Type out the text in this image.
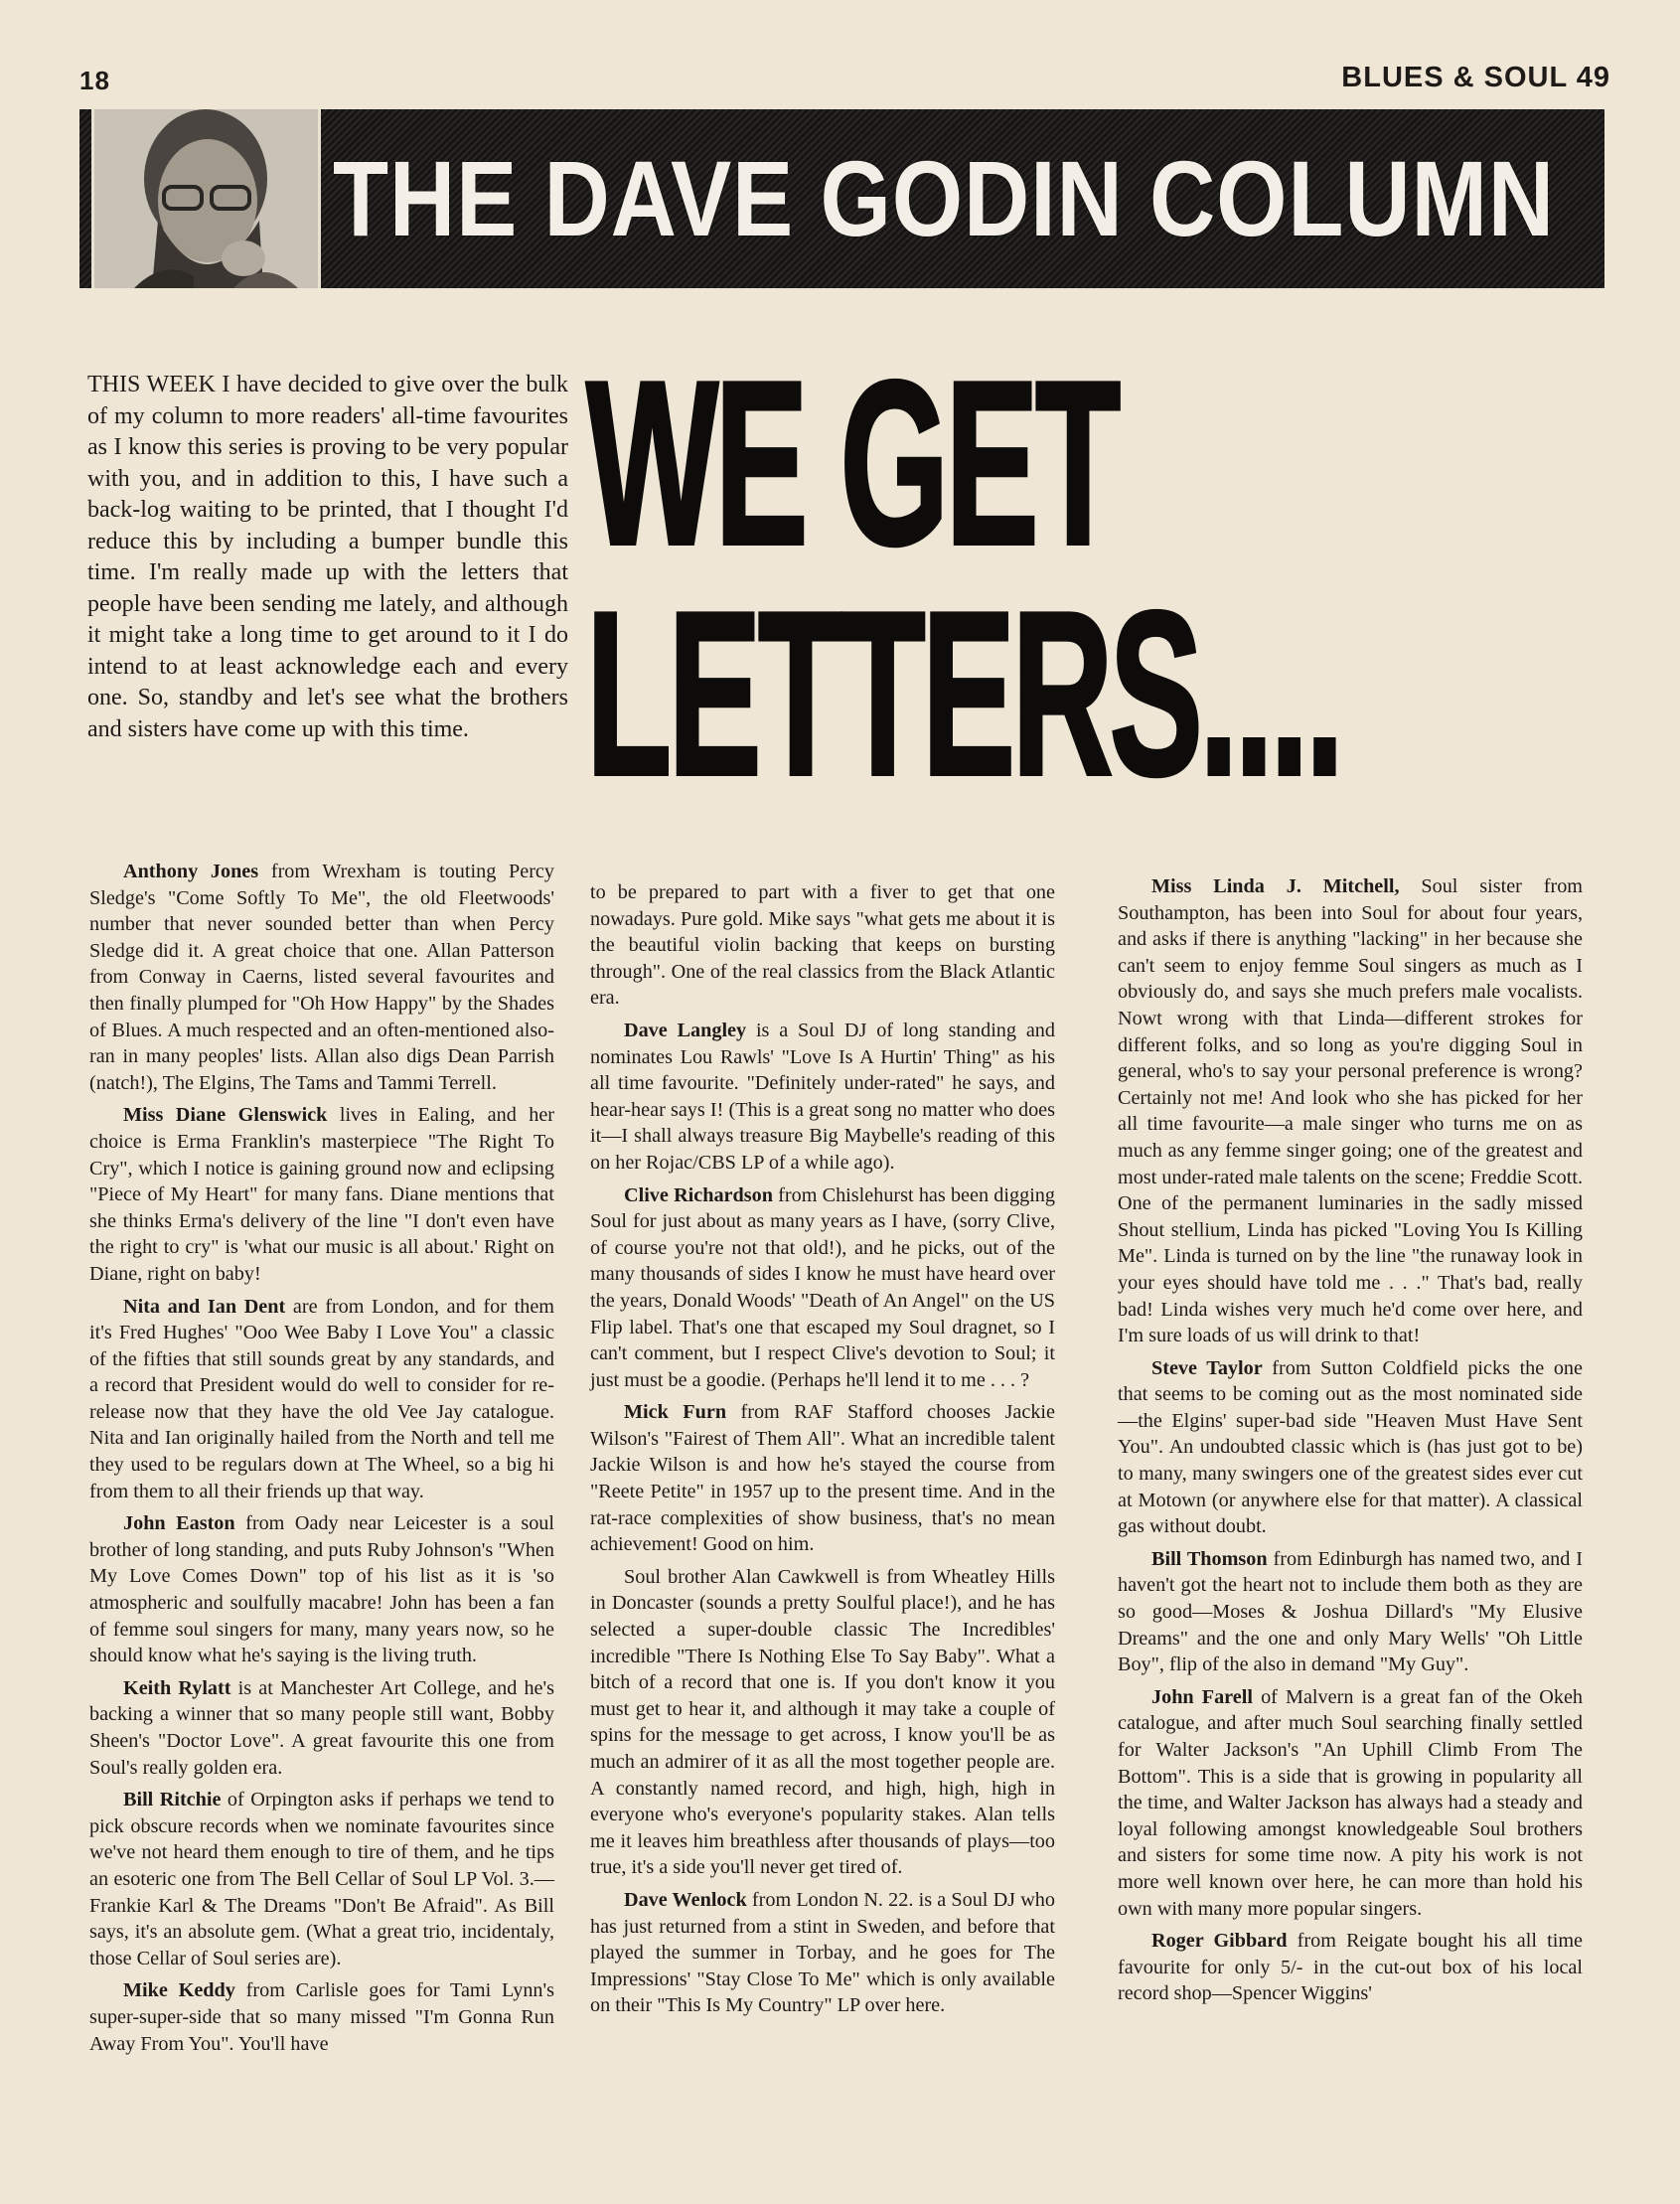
18	BLUES & SOUL 49
THE DAVE GODIN COLUMN
WE GET
LETTERS....
THIS WEEK I have decided to give over the bulk of my column to more readers' all-time favourites as I know this series is proving to be very popular with you, and in addition to this, I have such a back-log waiting to be printed, that I thought I'd reduce this by including a bumper bundle this time. I'm really made up with the letters that people have been sending me lately, and although it might take a long time to get around to it I do intend to at least acknowledge each and every one. So, standby and let's see what the brothers and sisters have come up with this time.

Anthony Jones from Wrexham is touting Percy Sledge's "Come Softly To Me", the old Fleetwoods' number that never sounded better than when Percy Sledge did it. A great choice that one. Allan Patterson from Conway in Caerns, listed several favourites and then finally plumped for "Oh How Happy" by the Shades of Blues. A much respected and an often-mentioned also-ran in many peoples' lists. Allan also digs Dean Parrish (natch!), The Elgins, The Tams and Tammi Terrell.

Miss Diane Glenswick lives in Ealing, and her choice is Erma Franklin's masterpiece "The Right To Cry", which I notice is gaining ground now and eclipsing "Piece of My Heart" for many fans. Diane mentions that she thinks Erma's delivery of the line "I don't even have the right to cry" is 'what our music is all about.' Right on Diane, right on baby!

Nita and Ian Dent are from London, and for them it's Fred Hughes' "Ooo Wee Baby I Love You" a classic of the fifties that still sounds great by any standards, and a record that President would do well to consider for re-release now that they have the old Vee Jay catalogue. Nita and Ian originally hailed from the North and tell me they used to be regulars down at The Wheel, so a big hi from them to all their friends up that way.

John Easton from Oady near Leicester is a soul brother of long standing, and puts Ruby Johnson's "When My Love Comes Down" top of his list as it is 'so atmospheric and soulfully macabre! John has been a fan of femme soul singers for many, many years now, so he should know what he's saying is the living truth.

Keith Rylatt is at Manchester Art College, and he's backing a winner that so many people still want, Bobby Sheen's "Doctor Love". A great favourite this one from Soul's really golden era.

Bill Ritchie of Orpington asks if perhaps we tend to pick obscure records when we nominate favourites since we've not heard them enough to tire of them, and he tips an esoteric one from The Bell Cellar of Soul LP Vol. 3.—Frankie Karl & The Dreams "Don't Be Afraid". As Bill says, it's an absolute gem. (What a great trio, incidentaly, those Cellar of Soul series are).

Mike Keddy from Carlisle goes for Tami Lynn's super-super-side that so many missed "I'm Gonna Run Away From You". You'll have

to be prepared to part with a fiver to get that one nowadays. Pure gold. Mike says "what gets me about it is the beautiful violin backing that keeps on bursting through". One of the real classics from the Black Atlantic era.

Dave Langley is a Soul DJ of long standing and nominates Lou Rawls' "Love Is A Hurtin' Thing" as his all time favourite. "Definitely under-rated" he says, and hear-hear says I! (This is a great song no matter who does it—I shall always treasure Big Maybelle's reading of this on her Rojac/CBS LP of a while ago).

Clive Richardson from Chislehurst has been digging Soul for just about as many years as I have, (sorry Clive, of course you're not that old!), and he picks, out of the many thousands of sides I know he must have heard over the years, Donald Woods' "Death of An Angel" on the US Flip label. That's one that escaped my Soul dragnet, so I can't comment, but I respect Clive's devotion to Soul; it just must be a goodie. (Perhaps he'll lend it to me . . . ?

Mick Furn from RAF Stafford chooses Jackie Wilson's "Fairest of Them All". What an incredible talent Jackie Wilson is and how he's stayed the course from "Reete Petite" in 1957 up to the present time. And in the rat-race complexities of show business, that's no mean achievement! Good on him.

Soul brother Alan Cawkwell is from Wheatley Hills in Doncaster (sounds a pretty Soulful place!), and he has selected a super-double classic The Incredibles' incredible "There Is Nothing Else To Say Baby". What a bitch of a record that one is. If you don't know it you must get to hear it, and although it may take a couple of spins for the message to get across, I know you'll be as much an admirer of it as all the most together people are. A constantly named record, and high, high, high in everyone who's everyone's popularity stakes. Alan tells me it leaves him breathless after thousands of plays—too true, it's a side you'll never get tired of.

Dave Wenlock from London N. 22. is a Soul DJ who has just returned from a stint in Sweden, and before that played the summer in Torbay, and he goes for The Impressions' "Stay Close To Me" which is only available on their "This Is My Country" LP over here.

Miss Linda J. Mitchell, Soul sister from Southampton, has been into Soul for about four years, and asks if there is anything "lacking" in her because she can't seem to enjoy femme Soul singers as much as I obviously do, and says she much prefers male vocalists. Nowt wrong with that Linda—different strokes for different folks, and so long as you're digging Soul in general, who's to say your personal preference is wrong? Certainly not me! And look who she has picked for her all time favourite—a male singer who turns me on as much as any femme singer going; one of the greatest and most under-rated male talents on the scene; Freddie Scott. One of the permanent luminaries in the sadly missed Shout stellium, Linda has picked "Loving You Is Killing Me". Linda is turned on by the line "the runaway look in your eyes should have told me . . ." That's bad, really bad! Linda wishes very much he'd come over here, and I'm sure loads of us will drink to that!

Steve Taylor from Sutton Coldfield picks the one that seems to be coming out as the most nominated side—the Elgins' super-bad side "Heaven Must Have Sent You". An undoubted classic which is (has just got to be) to many, many swingers one of the greatest sides ever cut at Motown (or anywhere else for that matter). A classical gas without doubt.

Bill Thomson from Edinburgh has named two, and I haven't got the heart not to include them both as they are so good—Moses & Joshua Dillard's "My Elusive Dreams" and the one and only Mary Wells' "Oh Little Boy", flip of the also in demand "My Guy".

John Farell of Malvern is a great fan of the Okeh catalogue, and after much Soul searching finally settled for Walter Jackson's "An Uphill Climb From The Bottom". This is a side that is growing in popularity all the time, and Walter Jackson has always had a steady and loyal following amongst knowledgeable Soul brothers and sisters for some time now. A pity his work is not more well known over here, he can more than hold his own with many more popular singers.

Roger Gibbard from Reigate bought his all time favourite for only 5/- in the cut-out box of his local record shop—Spencer Wiggins'
